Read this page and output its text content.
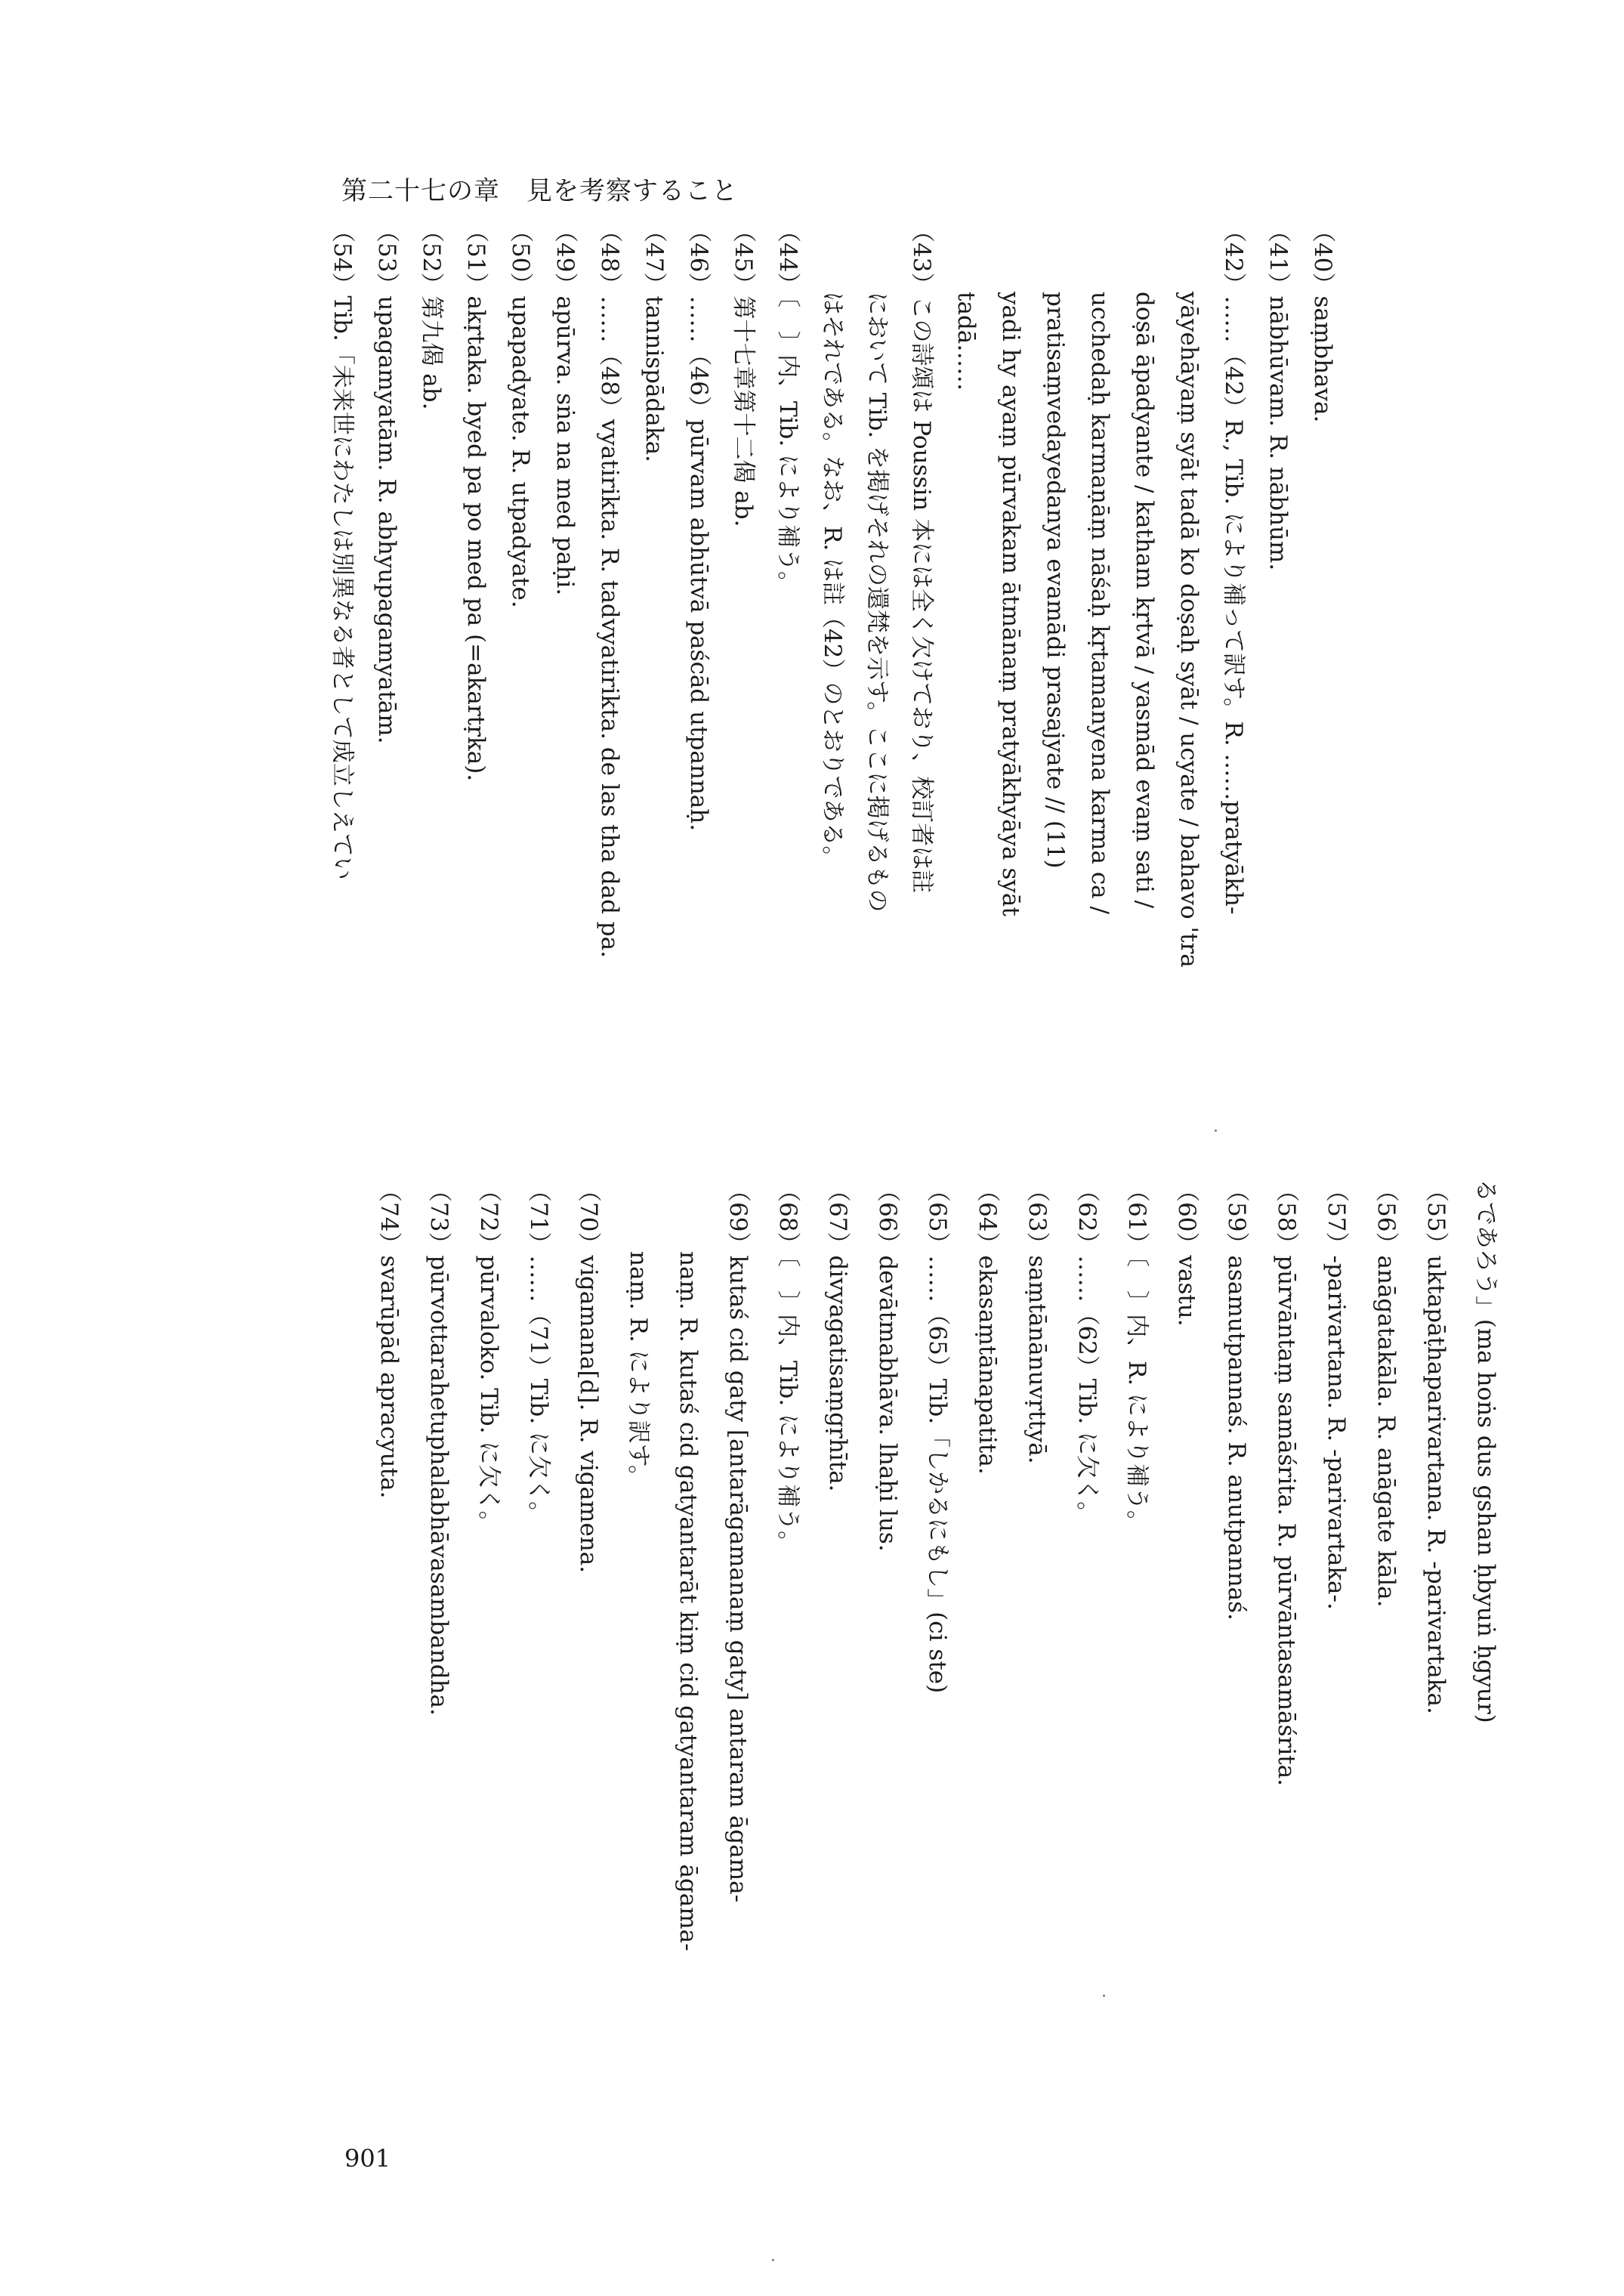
第二十七の章　見を考察すること
（40）saṃbhava.
（41）nābhūvam. R. nābhūm.
（42）……（42）R., Tib. により補って訳す。R. ……pratyākh-
yāyehāyaṃ syāt tadā ko doṣaḥ syāt / ucyate / bahavo 'tra
doṣā āpadyante / katham kṛtvā / yasmād evaṃ sati /
ucchedaḥ karmaṇāṃ nāśaḥ kṛtamanyena karma ca /
pratisaṃvedayedanya evamādi prasajyate // (11)
yadi hy ayaṃ pūrvakam ātmānaṃ pratyākhyāya syāt
tadā……
（43）この詩頌は Poussin 本には全く欠けており、校訂者は註
において Tib. を掲げそれの還梵を示す。ここに掲げるもの
はそれである。なお、R. は註（42）のとおりである。
（44）〔　〕内、Tib. により補う。
（45）第十七章第十二偈 ab.
（46）……（46）pūrvam abhūtvā paścād utpannaḥ.
（47）tannispādaka.
（48）……（48）vyatirikta. R. tadvyatirikta. de las tha dad pa.
（49）apūrva. sṅa na med paḥi.
（50）upapadyate. R. utpadyate.
（51）akṛtaka. byed pa po med pa (=akartṛka).
（52）第九偈 ab.
（53）upagamyatām. R. abhyupagamyatām.
（54）Tib.「未来世にわたしは別異なる者として成立しえてい
るであろう」(ma hoṅs dus gshan ḥbyuṅ ḥgyur)
（55）uktapāṭhaparivartana. R. -parivartaka.
（56）anāgatakāla. R. anāgate kāla.
（57）-parivartana. R. -parivartaka-.
（58）pūrvāntaṃ samāśrita. R. pūrvāntasamāśrita.
（59）asamutpannaś. R. anutpannaś.
（60）vastu.
（61）〔　〕内、R. により補う。
（62）……（62）Tib. に欠く。
（63）saṃtānānuvṛttyā.
（64）ekasaṃtānapatita.
（65）……（65）Tib.「しかるにもし」(ci ste)
（66）devātmabhāva. lhaḥi lus.
（67）divyagatisaṃgṛhīta.
（68）〔　〕内、Tib. により補う。
（69）kutaś cid gaty [antarāgamanaṃ gaty] antaram āgama-
naṃ. R. kutaś cid gatyantarāt kiṃ cid gatyantaram āgama-
naṃ. R. により訳す。
（70）vigamana[d]. R. vigamena.
（71）……（71）Tib. に欠く。
（72）pūrvaloko. Tib. に欠く。
（73）pūrvottarahetuphalabhāvasambandha.
（74）svarūpād apracyuta.
901
